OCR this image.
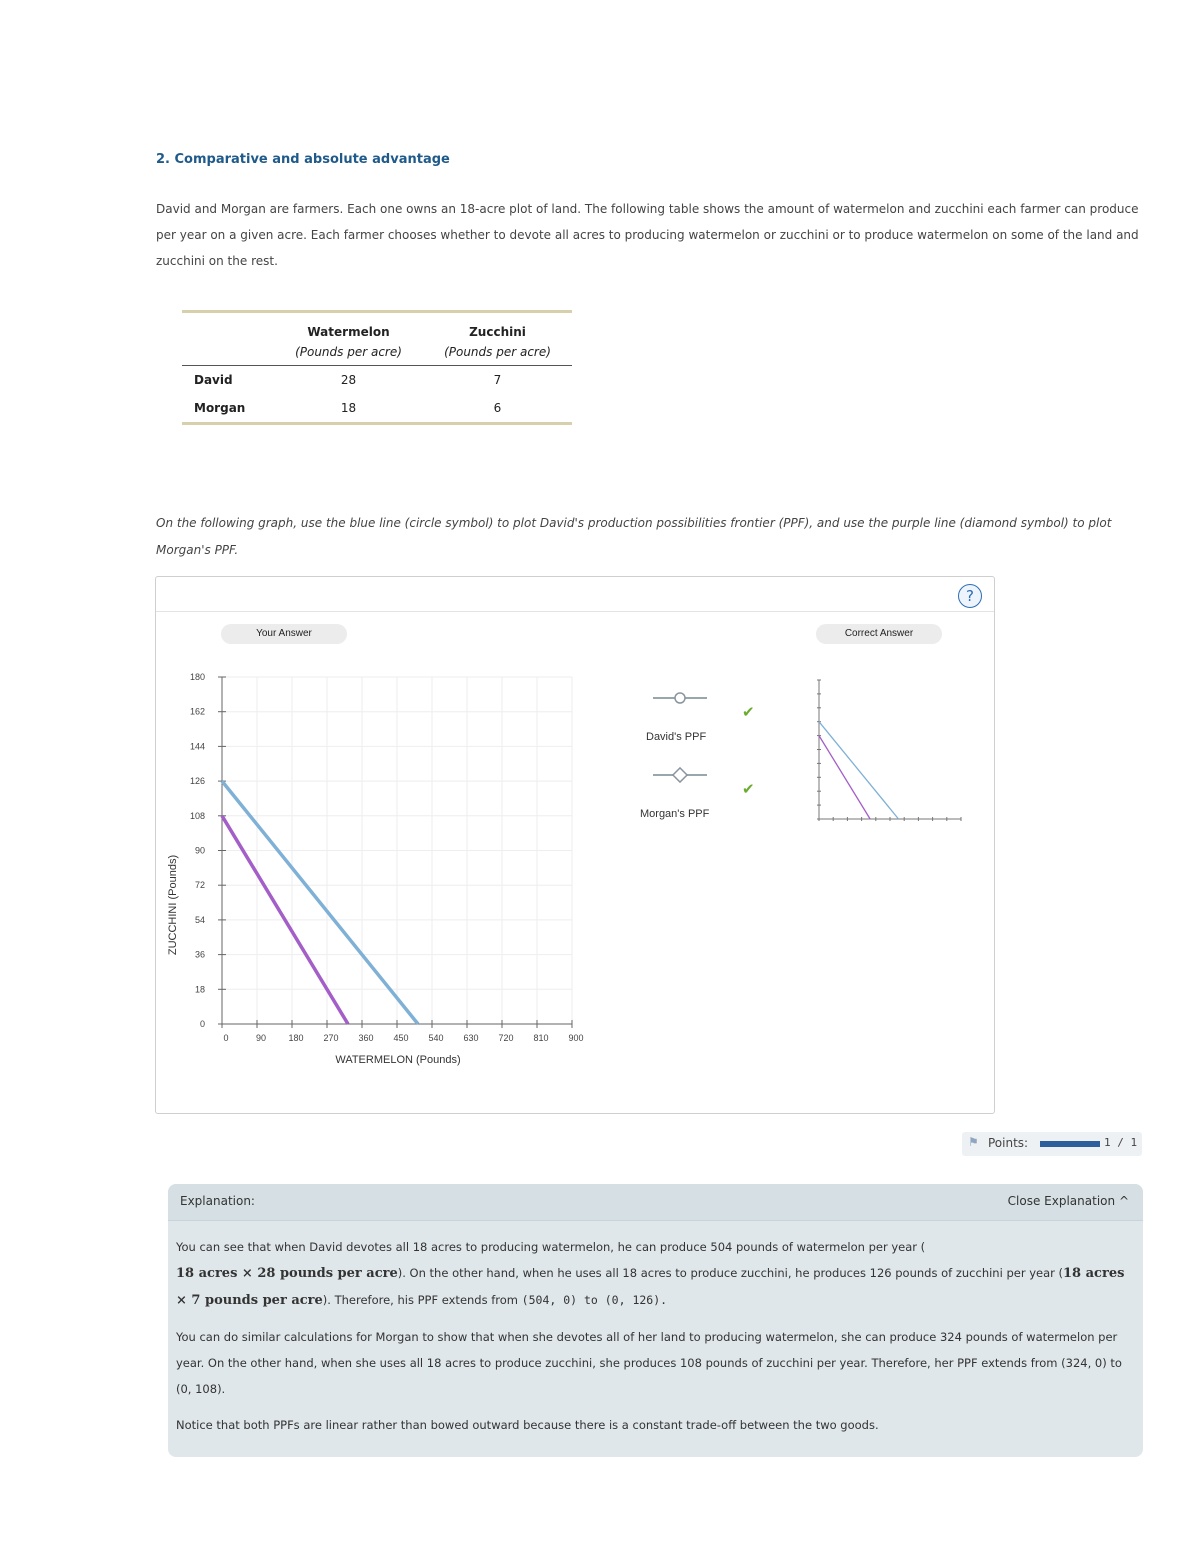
2. Comparative and absolute advantage

David and Morgan are farmers. Each one owns an 18-acre plot of land. The following table shows the amount of watermelon and zucchini each farmer can produce per year on a given acre. Each farmer chooses whether to devote all acres to producing watermelon or zucchini or to produce watermelon on some of the land and zucchini on the rest.

	Watermelon	Zucchini
	(Pounds per acre)	(Pounds per acre)
David	28	7
Morgan	18	6

On the following graph, use the blue line (circle symbol) to plot David's production possibilities frontier (PPF), and use the purple line (diamond symbol) to plot Morgan's PPF.

?
Your Answer	Correct Answer
0
18
36
54
72
90
108
126
144
162
180
0	90 180 270 360 450 540 630 720 810 900
ZUCCHINI (Pounds)
WATERMELON (Pounds)
David's PPF
✔
Morgan's PPF
✔
⚑ Points:	1 / 1
Explanation:	Close Explanation ^

You can see that when David devotes all 18 acres to producing watermelon, he can produce 504 pounds of watermelon per year (
18 acres × 28 pounds per acre). On the other hand, when he uses all 18 acres to produce zucchini, he produces 126 pounds of zucchini per year (18 acres × 7 pounds per acre). Therefore, his PPF extends from (504, 0) to (0, 126).

You can do similar calculations for Morgan to show that when she devotes all of her land to producing watermelon, she can produce 324 pounds of watermelon per year. On the other hand, when she uses all 18 acres to produce zucchini, she produces 108 pounds of zucchini per year. Therefore, her PPF extends from (324, 0) to (0, 108).

Notice that both PPFs are linear rather than bowed outward because there is a constant trade-off between the two goods.
